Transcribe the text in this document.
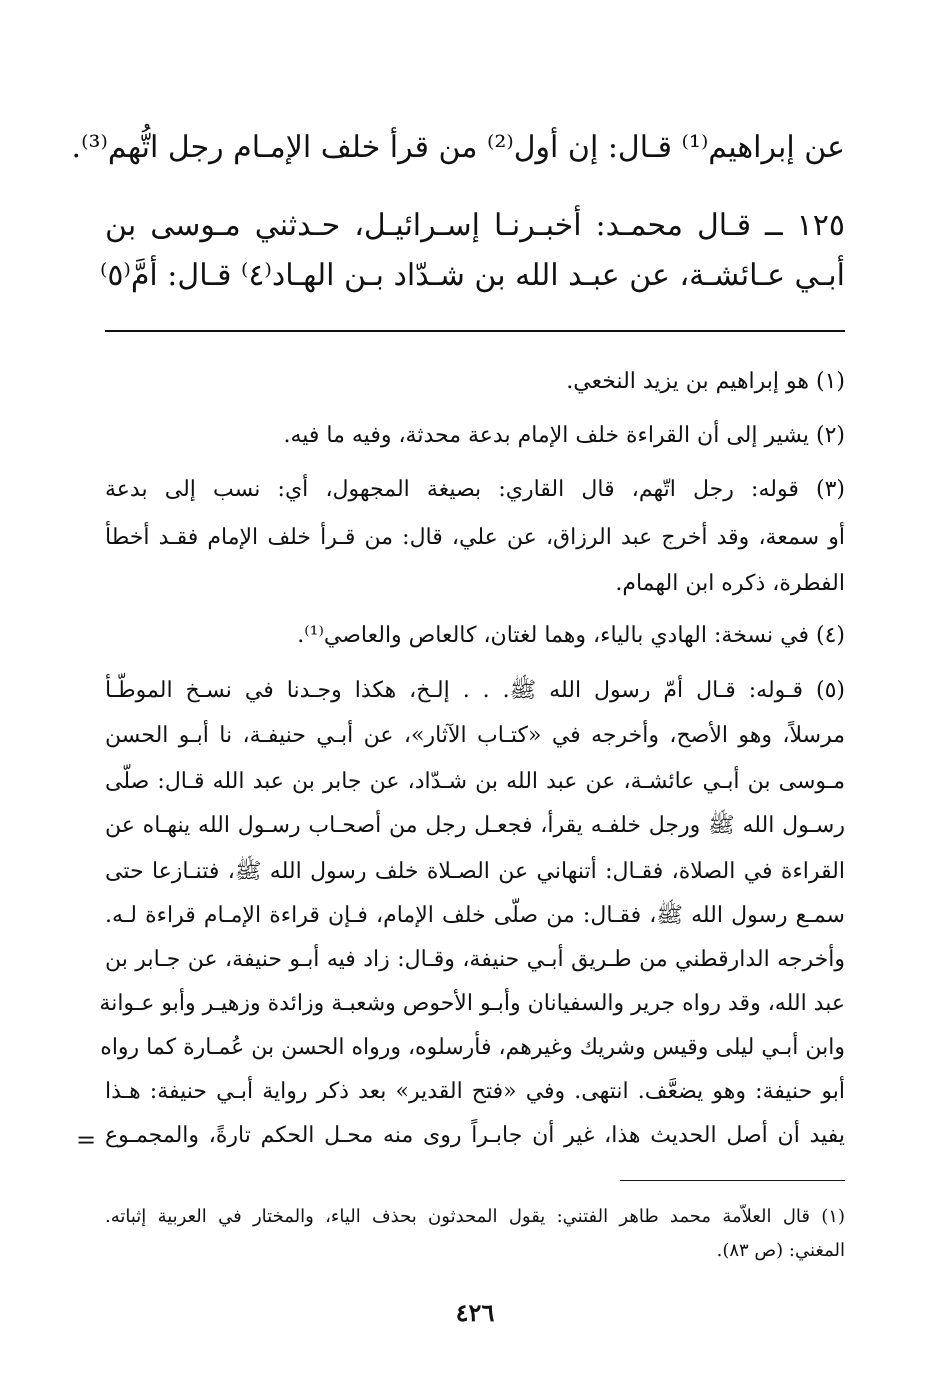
عن إبراهيم⁽¹⁾ قـال: إن أول⁽²⁾ من قرأ خلف الإمـام رجل اتُّهم⁽³⁾.
١٢٥ ــ قـال محمـد: أخبـرنـا إسـرائيـل، حـدثني مـوسى بن
أبـي عـائشـة، عن عبـد الله بن شـدّاد بـن الهـاد⁽٤⁾ قـال: أمَّ⁽٥⁾
(١) هو إبراهيم بن يزيد النخعي.
(٢) يشير إلى أن القراءة خلف الإمام بدعة محدثة، وفيه ما فيه.
(٣) قوله: رجل اتّهم، قال القاري: بصيغة المجهول، أي: نسب إلى بدعة
أو سمعة، وقد أخرج عبد الرزاق، عن علي، قال: من قـرأ خلف الإمام فقـد أخطأ
الفطرة، ذكره ابن الهمام.
(٤) في نسخة: الهادي بالياء، وهما لغتان، كالعاص والعاصي⁽¹⁾.
(٥) قـوله: قـال أمّ رسول الله ﷺ. . . إلـخ، هكذا وجـدنا في نسـخ الموطّـأ
مرسلاً، وهو الأصح، وأخرجه في «كتـاب الآثار»، عن أبـي حنيفـة، نا أبـو الحسن
مـوسى بن أبـي عائشـة، عن عبد الله بن شـدّاد، عن جابر بن عبد الله قـال: صلّى
رسـول الله ﷺ ورجل خلفـه يقرأ، فجعـل رجل من أصحـاب رسـول الله ينهـاه عن
القراءة في الصلاة، فقـال: أتنهاني عن الصـلاة خلف رسول الله ﷺ، فتنـازعا حتى
سمـع رسول الله ﷺ، فقـال: من صلّى خلف الإمام، فـإن قراءة الإمـام قراءة لـه.
وأخرجه الدارقطني من طـريق أبـي حنيفة، وقـال: زاد فيه أبـو حنيفة، عن جـابر بن
عبد الله، وقد رواه جرير والسفيانان وأبـو الأحوص وشعبـة وزائدة وزهيـر وأبو عـوانة
وابن أبـي ليلى وقيس وشريك وغيرهم، فأرسلوه، ورواه الحسن بن عُمـارة كما رواه
أبو حنيفة: وهو يضعَّف. انتهى. وفي «فتح القدير» بعد ذكر رواية أبـي حنيفة: هـذا
يفيد أن أصل الحديث هذا، غير أن جابـراً روى منه محـل الحكم تارةً، والمجمـوع
=
(١) قال العلاّمة محمد طاهر الفتني: يقول المحدثون بحذف الياء، والمختار في العربية إثباته.
المغني: (ص ٨٣).
٤٢٦
